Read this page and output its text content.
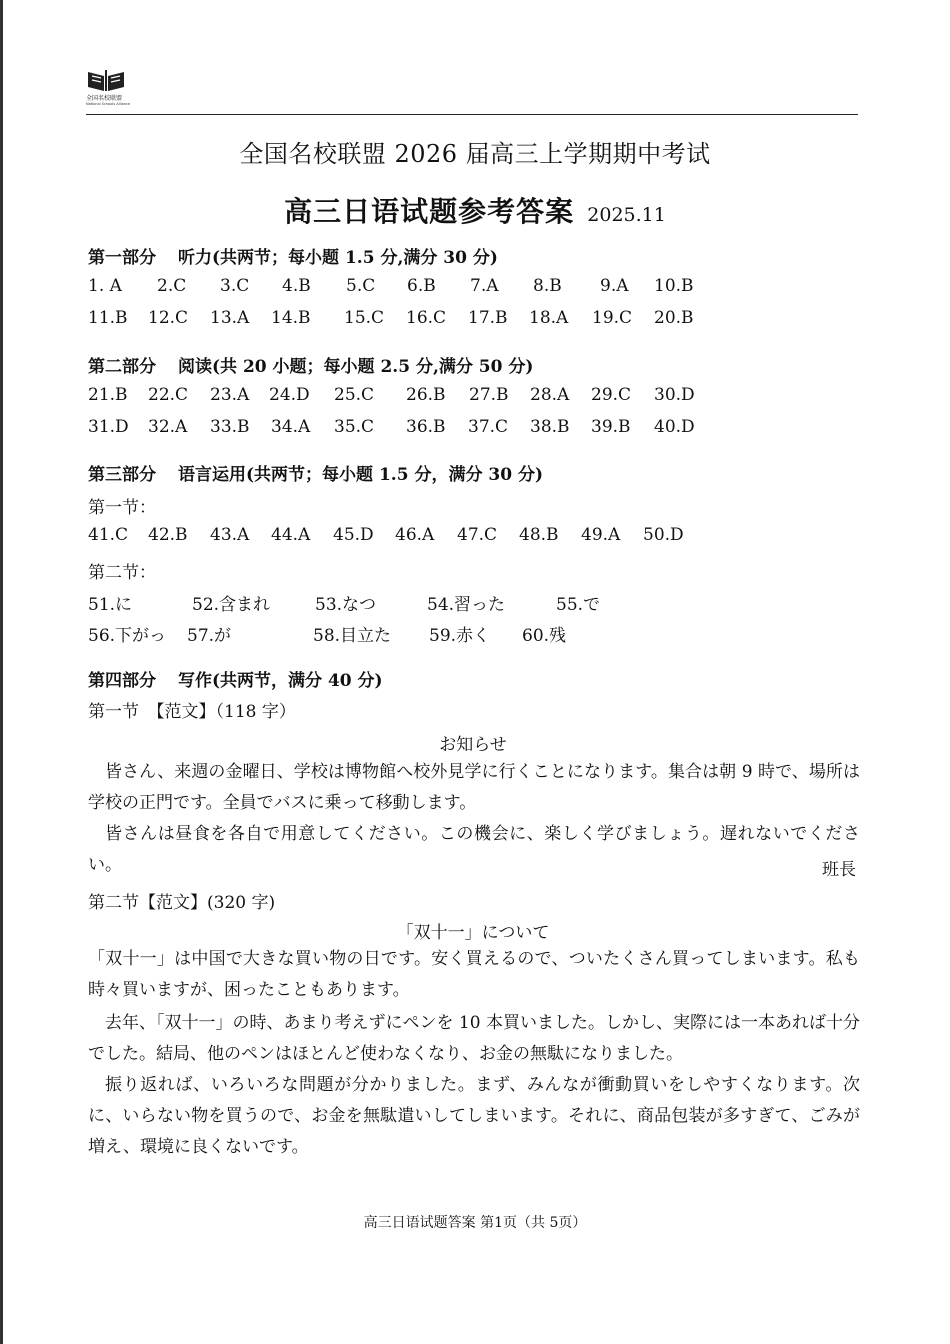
全国名校联盟
National Schools Alliance
全国名校联盟 2026 届高三上学期期中考试
高三日语试题参考答案 2025.11
第一部分 听力(共两节；每小题 1.5 分,满分 30 分)
1. A 2.C 3.C 4.B 5.C 6.B 7.A 8.B 9.A 10.B
11.B 12.C 13.A 14.B 15.C 16.C 17.B 18.A 19.C 20.B
第二部分 阅读(共 20 小题；每小题 2.5 分,满分 50 分)
21.B 22.C 23.A 24.D 25.C 26.B 27.B 28.A 29.C 30.D
31.D 32.A 33.B 34.A 35.C 36.B 37.C 38.B 39.B 40.D
第三部分 语言运用(共两节；每小题 1.5 分，满分 30 分)
第一节：
41.C 42.B 43.A 44.A 45.D 46.A 47.C 48.B 49.A 50.D
第二节：
51.に	52.含まれ	53.なつ	54.習った	55.で
56.下がっ 57.が	58.目立た 59.赤く 60.残
第四部分 写作(共两节，满分 40 分)
第一节　【范文】（118 字）
お知らせ
皆さん、来週の金曜日、学校は博物館へ校外見学に行くことになります。集合は朝 9 時で、場所は学校の正門です。全員でバスに乗って移動します。
皆さんは昼食を各自で用意してください。この機会に、楽しく学びましょう。遅れないでください。	班長
第二节【范文】(320 字)
「双十一」について
「双十一」は中国で大きな買い物の日です。安く買えるので、ついたくさん買ってしまいます。私も時々買いますが、困ったこともあります。
去年、「双十一」の時、あまり考えずにペンを 10 本買いました。しかし、実際には一本あれば十分でした。結局、他のペンはほとんど使わなくなり、お金の無駄になりました。
振り返れば、いろいろな問題が分かりました。まず、みんなが衝動買いをしやすくなります。次に、いらない物を買うので、お金を無駄遣いしてしまいます。それに、商品包装が多すぎて、ごみが増え、環境に良くないです。
高三日语试题答案 第1页（共 5页）
